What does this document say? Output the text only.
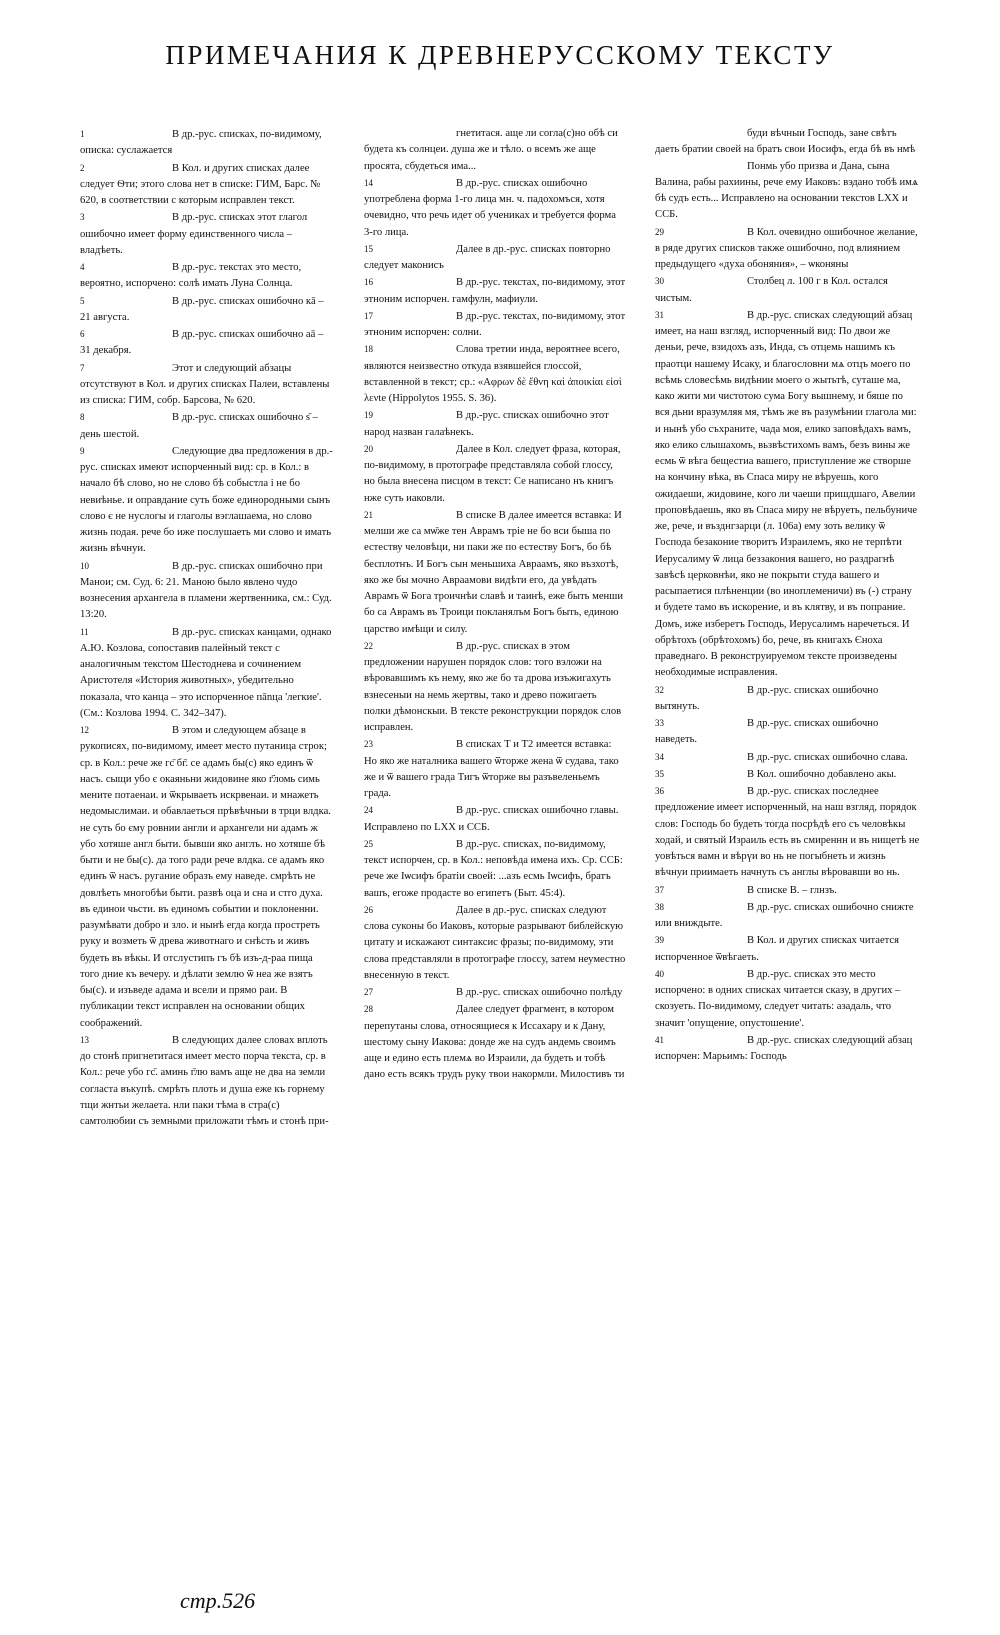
ПРИМЕЧАНИЯ К ДРЕВНЕРУССКОМУ ТЕКСТУ

1	В др.-рус. списках, по-видимому, описка: суслажается

2	В Кол. и других списках далее следует Ѳти; этого слова нет в списке: ГИМ, Барс. № 620, в соответствии с которым исправлен текст.

3	В др.-рус. списках этот глагол ошибочно имеет форму единственного числа – владѣеть.

4	В др.-рус. текстах это место, вероятно, испорчено: солѣ имать Луна Солнца.

5	В др.-рус. списках ошибочно кā – 21 августа.

6	В др.-рус. списках ошибочно аā – 31 декабря.

7	Этот и следующий абзацы отсутствуют в Кол. и других списках Палеи, вставлены из списка: ГИМ, собр. Барсова, № 620.

8	В др.-рус. списках ошибочно ѕ̄ – день шестой.

9	Следующие два предложения в др.-рус. списках имеют испорченный вид: ср. в Кол.: в начало бѣ слово, но не слово бѣ собыстла і не бо невиѣнье. и оправдание суть боже единородными сынъ слово є не нуслогы и глаголы вэглашаема, но слово жизнь подая. рече бо иже послушаеть ми слово и имать жизнь вѣчнуи.

10	В др.-рус. списках ошибочно при Манои; см. Суд. 6: 21. Маною было явлено чудо вознесения архангела в пламени жертвенника, см.: Суд. 13:20.

11	В др.-рус. списках канцами, однако А.Ю. Козлова, сопоставив палейный текст с аналогичным текстом Шестоднева и сочинением Аристотеля «История животных», убедительно показала, что канца – это испорченное пānца 'легкие'. (См.: Козлова 1994. С. 342–347).

12	В этом и следующем абзаце в рукописях, по-видимому, имеет место путаница строк; ср. в Кол.: рече же гс̄ бг̄. се адамъ бы(с) яко единъ ѿ насъ. сыщи убо є окаяньни жидовине яко г҃ломь симь мените потаенаи. и ѿкрываеть искрвенаи. и мнажеть недомыслимаи. и обавлаеться прѣвѣчныи в трци влдка. не суть бо єму ровнии англи и архангели ни адамъ ж убо хотяше англ быти. бывши яко англъ. но хотяше бѣ быти и не бы(с). да того ради рече влдка. се адамъ яко единъ ѿ насъ. ругание образъ ему наведе. смрѣть не довлѣеть многобѣи быти. развѣ оца и сна и стго духа. въ единои чьсти. въ единомъ событии и поклоненни. разумѣвати добро и зло. и нынѣ егда когда простреть руку и возметь ѿ древа животнаго и снѣсть и живъ будеть въ вѣкы. И отслустипъ гъ бѣ изъ-д-раа пища того дние къ вечеру. и дѣлати землю ѿ неа же взятъ бы(с). и изъведе адама и всели и прямо раи. В публикации текст исправлен на основании общих соображений.

13	В следующих далее словах вплоть до стонѣ пригнетитася имеет место порча текста, ср. в Кол.: рече убо гс̄. аминь г̄лю вамъ аще не два на земли согласта въкупѣ. смрѣть плоть и душа еже къ горнему тщи жнтьи желаета. нли паки тѣма в стра(с) самтолюбии съ земными приложати тѣмъ и стонѣ при-

гнетитася. аще ли согла(с)но обѣ си будета къ солнцеи. душа же и тѣло. о всемъ же аще просята, сбудеться има...

14	В др.-рус. списках ошибочно употреблена форма 1-го лица мн. ч. падохомъся, хотя очевидно, что речь идет об учениках и требуется форма 3-го лица.

15	Далее в др.-рус. списках повторно следует маконисъ

16	В др.-рус. текстах, по-видимому, этот этноним испорчен. гамфулн, мафиули.

17	В др.-рус. текстах, по-видимому, этот этноним испорчен: солни.

18	Слова третии инда, вероятнее всего, являются неизвестно откуда взявшейся глоссой, вставленной в текст; ср.: «Αφρων δὲ ἔθνη καὶ ἀποικίαι εἰσὶ λενte (Hippolytos 1955. S. 36).

19	В др.-рус. списках ошибочно этот народ назван галаѣнекъ.

20	Далее в Кол. следует фраза, которая, по-видимому, в протографе представляла собой глоссу, но была внесена писцом в текст: Се написано нъ книгъ нже суть иаковли.

21	В списке В далее имеется вставка: И мелши же са мѡ̄же тен Аврамъ тріе не бо вси быша по естеству человѣци, ни паки же по естеству Богъ, бо бѣ бесплотнъ. И Богъ сын меньшиха Авраамъ, яко възхотѣ, яко же бы мочно Авраамови видѣти его, да увѣдать Аврамъ ѿ Бога троичнѣи славѣ и таинѣ, еже быть менши бо са Аврамъ въ Троици покланялъм Богъ быть, единою царство имѣщи и силу.

22	В др.-рус. списках в этом предложении нарушен порядок слов: того вэложи на вѣровавшимъ къ нему, яко же бо та дрова изъжигахуть взнесеныи на немь жертвы, тако и древо пожигаеть полки дѣмонскыи. В тексте реконструкции порядок слов исправлен.

23	В списках Т и Т2 имеется вставка: Но яко же наталника вашего ѿторже жена ѿ судава, тако же и ѿ вашего града Тигъ ѿторже вы разъвеленьемъ града.

24	В др.-рус. списках ошибочно главы. Исправлено по LXX и ССБ.

25	В др.-рус. списках, по-видимому, текст испорчен, ср. в Кол.: неповѣда имена ихъ. Ср. ССБ: рече же Іѡсифъ братіи своей: ...азъ есмь Іѡсифъ, братъ вашъ, егоже продасте во египетъ (Быт. 45:4).

26	Далее в др.-рус. списках следуют слова суконы бо Иаковъ, которые разрывают библейскую цитату и искажают синтаксис фразы; по-видимому, эти слова представляли в протографе глоссу, затем неуместно внесенную в текст.

27	В др.-рус. списках ошибочно полѣду

28	Далее следует фрагмент, в котором перепутаны слова, относящиеся к Иссахару и к Дану, шестому сыну Иакова: донде же на судъ андемь своимъ аще и едино есть племѧ во Израили, да будеть и тобѣ дано есть всякъ трудъ руку твои накормли. Милостивъ ти

буди вѣчныи Господь, зане свѣтъ даеть братии своей на братъ свои Иосифъ, егда бѣ въ нмѣ

Понмь убо призва и Дана, сына Валина, рабы рахиины, рече ему Иаковъ: вэдано тобѣ имѧ бѣ судъ есть... Исправлено на основании текстов LXX и ССБ.

29	В Кол. очевидно ошибочное желание, в ряде других списков также ошибочно, под влиянием предыдущего «духа обоняния», – ѡконяны

30	Столбец л. 100 г в Кол. остался чистым.

31	В др.-рус. списках следующий абзац имеет, на наш взгляд, испорченный вид: По двои же деньи, рече, взидохъ азъ, Инда, съ отцемь нашимъ къ праотци нашему Исаку, и благословни мѧ отцъ моего по всѣмь словесѣмь видѣнии моего о жытьтѣ, суташе ма, како жити ми чистотою сума Богу вышнему, и бяше по вся дьни вразумляя мя, тѣмъ же въ разумѣнии глагола ми: и нынѣ убо съхраните, чада моя, елико заповѣдахъ вамъ, яко елико слышахомъ, вьзвѣстихомъ вамъ, безъ вины же есмь ѿ вѣга бещестиа вашего, приступление же створше на кончину вѣка, въ Спаса миру не вѣруешь, кого ожидаеши, жидовине, кого ли чаеши пришдшаго, Авелии проповѣдаешь, яко въ Спаса миру не вѣруеть, пельбуниче же, рече, и възднгзарци (л. 106а) ему зоть велику ѿ Господа безаконие творитъ Израилемъ, яко не терпѣти Иерусалиму ѿ лица беззакония вашего, но раздрагнѣ завѣсѣ церковнѣи, яко не покрыти студа вашего и расыпаетися плѣненции (во иноплеменичи) въ (-) страну и будете тамо въ искорение, и въ клятву, и въ попрание. Домъ, иже изберетъ Господь, Иерусалимъ наречеться. И обрѣтохъ (обрѣтохомъ) бо, рече, въ книгахъ Єноха праведнаго. В реконструируемом тексте произведены необходимые исправления.

32	В др.-рус. списках ошибочно вытянуть.

33	В др.-рус. списках ошибочно наведеть.

34	В др.-рус. списках ошибочно слава.

35	В Кол. ошибочно добавлено акы.

36	В др.-рус. списках последнее предложение имеет испорченный, на наш взгляд, порядок слов: Господь бо будеть тогда посрѣдѣ его съ человѣкы ходай, и святый Израиль есть въ смиреннн и въ нищетѣ не уовѣться вамн и вѣрүи во нь не погыбнеть и жизнь вѣчнуи приимаеть начнуть съ англы вѣровавши во нь.

37	В списке В. – глнзъ.

38	В др.-рус. списках ошибочно снижте или вниждыте.

39	В Кол. и других списках читается испорченное ѿвѣгаеть.

40	В др.-рус. списках это место испорчено: в одних списках читается сказу, в других – скозуеть. По-видимому, следует читать: азадаль, что значит 'опущение, опустошение'.

41	В др.-рус. списках следующий абзац испорчен: Марьимъ: Господь

стр.526
